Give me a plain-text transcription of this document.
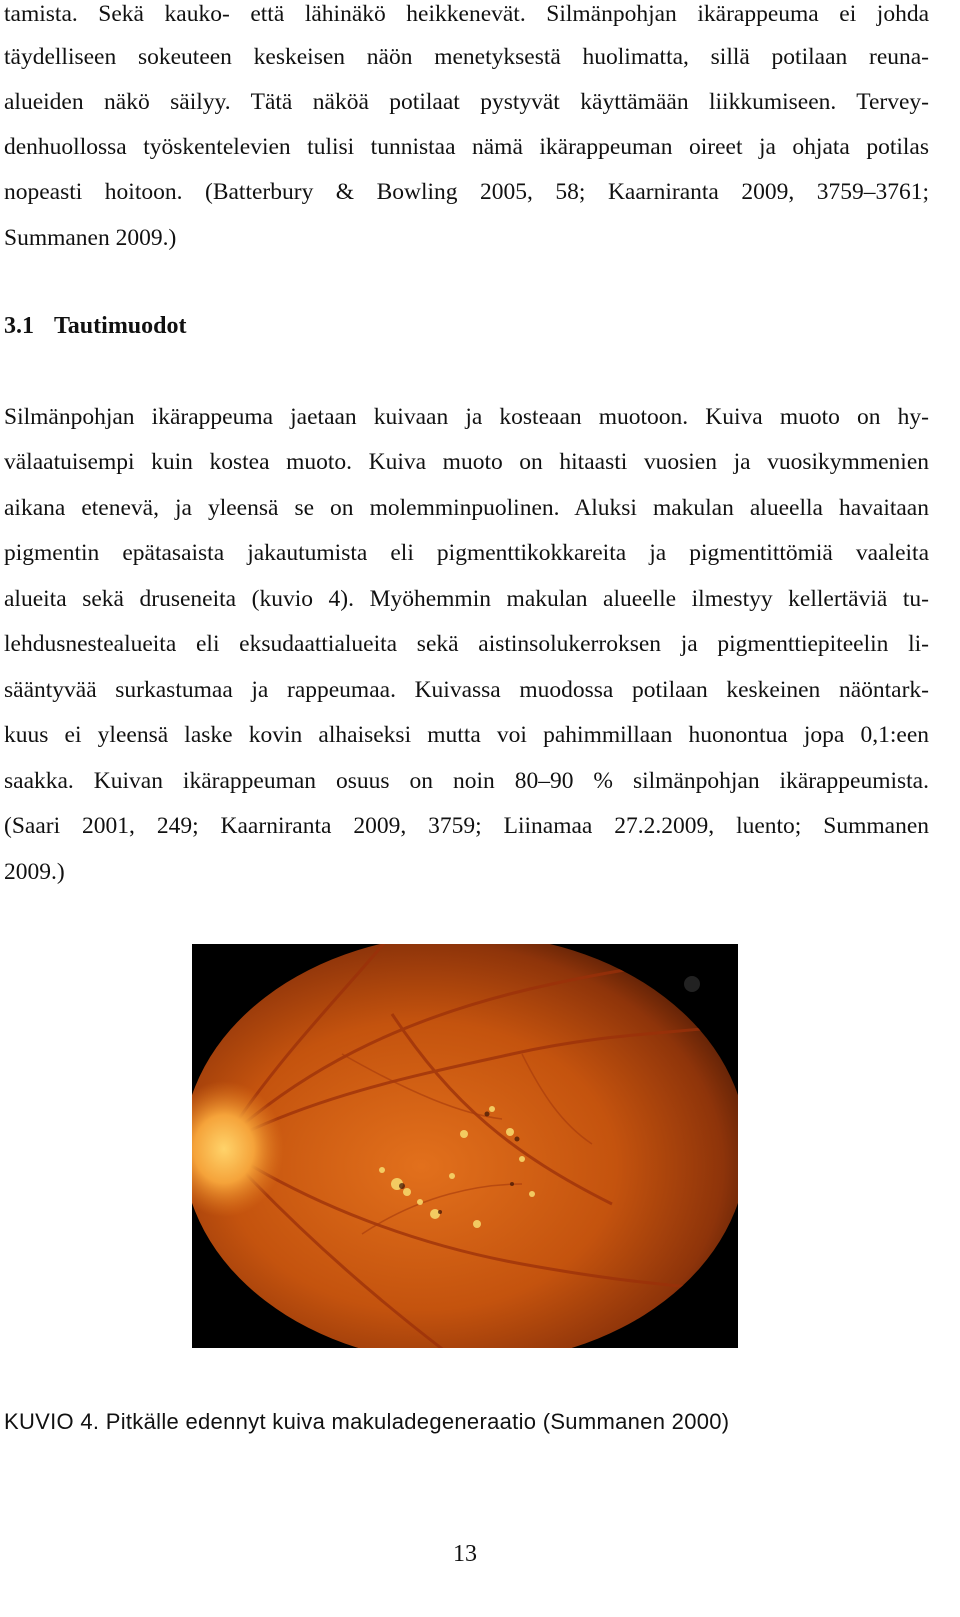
tamista. Sekä kauko- että lähinäkö heikkenevät. Silmänpohjan ikärappeuma ei johda
täydelliseen sokeuteen keskeisen näön menetyksestä huolimatta, sillä potilaan reuna-
alueiden näkö säilyy. Tätä näköä potilaat pystyvät käyttämään liikkumiseen. Tervey-
denhuollossa työskentelevien tulisi tunnistaa nämä ikärappeuman oireet ja ohjata potilas
nopeasti hoitoon. (Batterbury & Bowling 2005, 58; Kaarniranta 2009, 3759–3761;
Summanen 2009.)
3.1 Tautimuodot
Silmänpohjan ikärappeuma jaetaan kuivaan ja kosteaan muotoon. Kuiva muoto on hy-
välaatuisempi kuin kostea muoto. Kuiva muoto on hitaasti vuosien ja vuosikymmenien
aikana etenevä, ja yleensä se on molemminpuolinen. Aluksi makulan alueella havaitaan
pigmentin epätasaista jakautumista eli pigmenttikokkareita ja pigmentittömiä vaaleita
alueita sekä druseneita (kuvio 4). Myöhemmin makulan alueelle ilmestyy kellertäviä tu-
lehdusnestealueita eli eksudaattialueita sekä aistinsolukerroksen ja pigmenttiepiteelin li-
sääntyvää surkastumaa ja rappeumaa. Kuivassa muodossa potilaan keskeinen näöntark-
kuus ei yleensä laske kovin alhaiseksi mutta voi pahimmillaan huonontua jopa 0,1:een
saakka. Kuivan ikärappeuman osuus on noin 80–90 % silmänpohjan ikärappeumista.
(Saari 2001, 249; Kaarniranta 2009, 3759; Liinamaa 27.2.2009, luento; Summanen
2009.)
KUVIO 4. Pitkälle edennyt kuiva makuladegeneraatio (Summanen 2000)
13
